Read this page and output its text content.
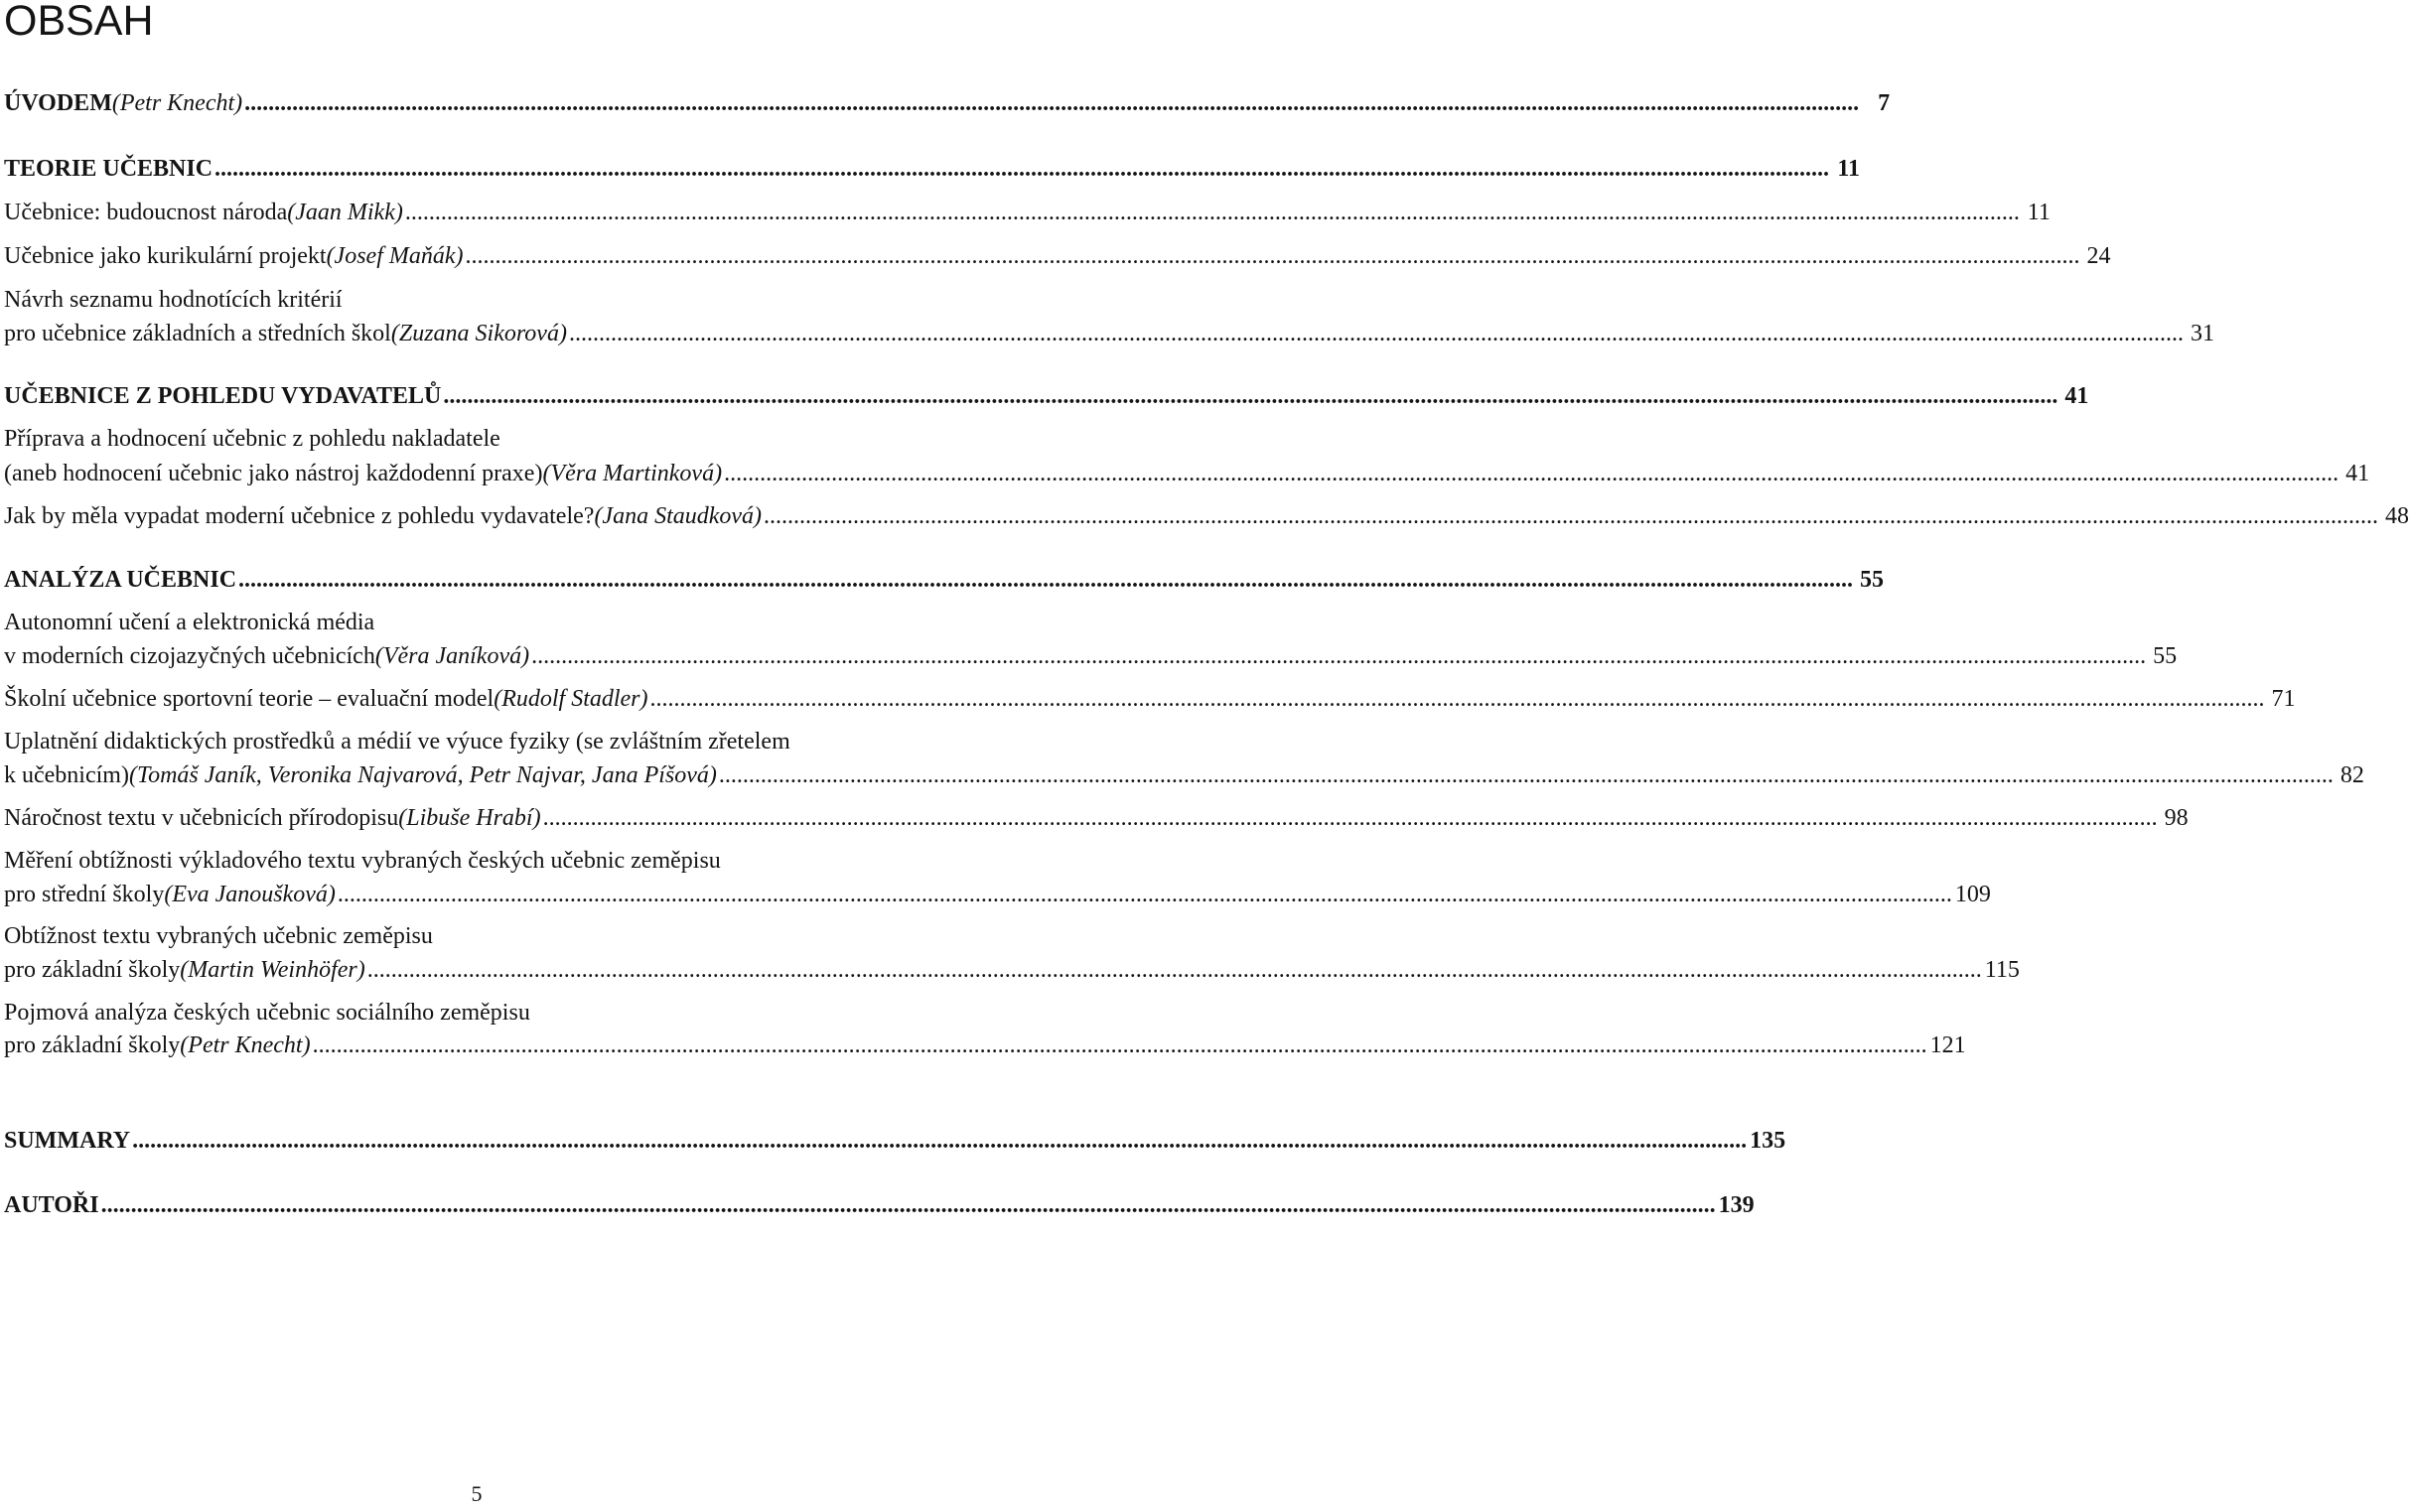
OBSAH
ÚVODEM (Petr Knecht) .....	7
TEORIE UČEBNIC .....	11
Učebnice: budoucnost národa (Jaan Mikk) .....	11
Učebnice jako kurikulární projekt (Josef Maňák) .....	24
Návrh seznamu hodnotících kritérií
pro učebnice základních a středních škol (Zuzana Sikorová) .....	31
UČEBNICE Z POHLEDU VYDAVATELŮ .....	41
Příprava a hodnocení učebnic z pohledu nakladatele
(aneb hodnocení učebnic jako nástroj každodenní praxe) (Věra Martinková) .....	41
Jak by měla vypadat moderní učebnice z pohledu vydavatele? (Jana Staudková) .....	48
ANALÝZA UČEBNIC .....	55
Autonomní učení a elektronická média
v moderních cizojazyčných učebnicích (Věra Janíková) .....	55
Školní učebnice sportovní teorie – evaluační model (Rudolf Stadler) .....	71
Uplatnění didaktických prostředků a médií ve výuce fyziky (se zvláštním zřetelem
k učebnicím) (Tomáš Janík, Veronika Najvarová, Petr Najvar, Jana Píšová) .....	82
Náročnost textu v učebnicích přírodopisu (Libuše Hrabí) .....	98
Měření obtížnosti výkladového textu vybraných českých učebnic zeměpisu
pro střední školy (Eva Janoušková) .....	109
Obtížnost textu vybraných učebnic zeměpisu
pro základní školy (Martin Weinhöfer) .....	115
Pojmová analýza českých učebnic sociálního zeměpisu
pro základní školy (Petr Knecht) .....	121
SUMMARY .....	135
AUTOŘI .....	139
5
